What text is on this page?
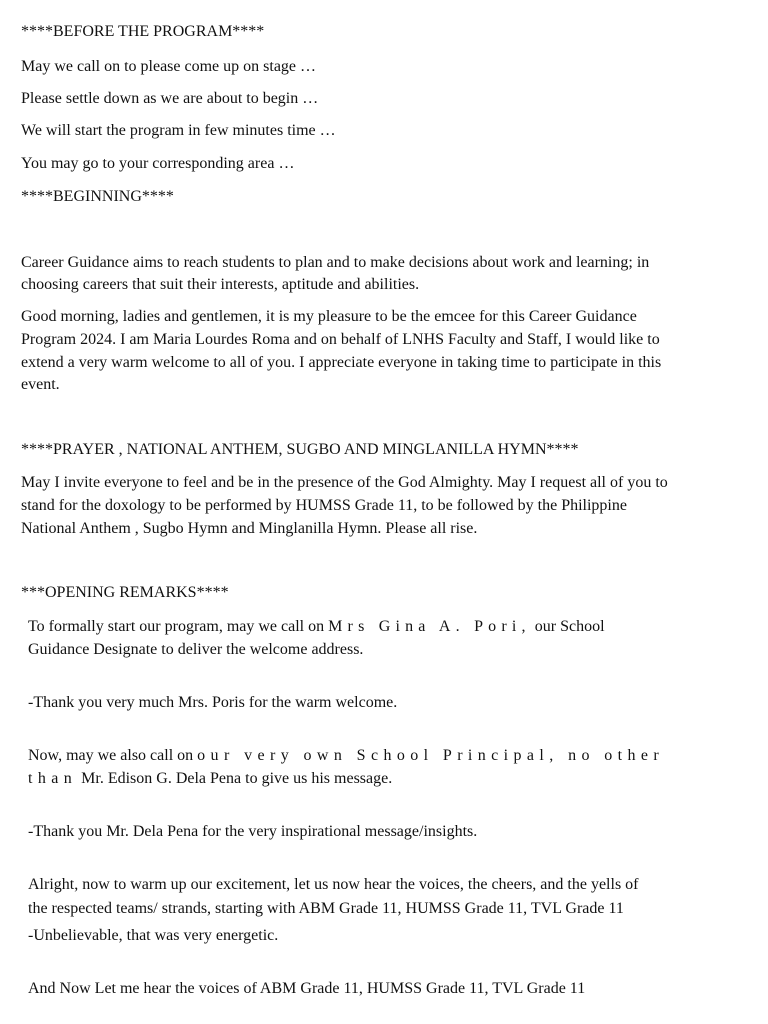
****BEFORE THE PROGRAM****
May we call on to please come up on stage …
Please settle down as we are about to begin …
We will start the program in few minutes time …
You may go to your corresponding area …
****BEGINNING****
Career Guidance aims to reach students to plan and to make decisions about work and learning; in
choosing careers that suit their interests, aptitude and abilities.
Good morning, ladies and gentlemen, it is my pleasure to be the emcee for this Career Guidance
Program 2024. I am Maria Lourdes Roma and on behalf of LNHS Faculty and Staff, I would like to
extend a very warm welcome to all of you. I appreciate everyone in taking time to participate in this
event.
****PRAYER , NATIONAL ANTHEM, SUGBO AND MINGLANILLA HYMN****
May I invite everyone to feel and be in the presence of the God Almighty. May I request all of you to
stand for the doxology to be performed by HUMSS Grade 11, to be followed by the Philippine
National Anthem , Sugbo Hymn and Minglanilla Hymn. Please all rise.
***OPENING REMARKS****
To formally start our program, may we call on Mrs Gina A. Pori, our School
Guidance Designate to deliver the welcome address.
-Thank you very much Mrs. Poris for the warm welcome.
Now, may we also call on our very own School Principal, no other
than Mr. Edison G. Dela Pena to give us his message.
-Thank you Mr. Dela Pena for the very inspirational message/insights.
Alright, now to warm up our excitement, let us now hear the voices, the cheers, and the yells of
the respected teams/ strands, starting with ABM Grade 11, HUMSS Grade 11, TVL Grade 11
-Unbelievable, that was very energetic.
And Now Let me hear the voices of ABM Grade 11, HUMSS Grade 11, TVL Grade 11
